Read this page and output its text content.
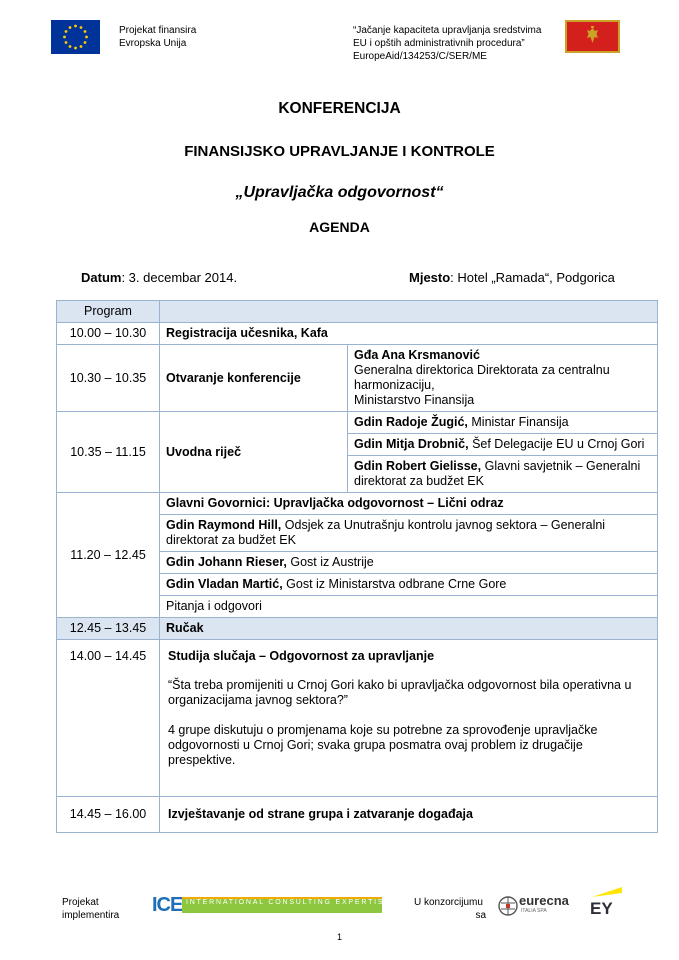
Projekat finansira
Evropska Unija
“Jačanje kapaciteta upravljanja sredstvima
EU i opštih administrativnih procedura”
EuropeAid/134253/C/SER/ME
KONFERENCIJA
FINANSIJSKO UPRAVLJANJE I KONTROLE
„Upravljačka odgovornost“
AGENDA
Datum: 3. decembar 2014.	Mjesto: Hotel „Ramada“, Podgorica
Program		
10.00 – 10.30	Registracija učesnika, Kafa	
10.30 – 10.35	Otvaranje konferencije	Gđa Ana Krsmanović
Generalna direktorica Direktorata za centralnu harmonizaciju,
Ministarstvo Finansija

10.35 – 11.15	Uvodna riječ	Gdin Radoje Žugić, Ministar Finansija
		Gdin Mitja Drobnič, Šef Delegacije EU u Crnoj Gori
		Gdin Robert Gielisse, Glavni savjetnik – Generalni direktorat za budžet EK
11.20 – 12.45	Glavni Govornici: Upravljačka odgovornost – Lični odraz	
	Gdin Raymond Hill, Odsjek za Unutrašnju kontrolu javnog sektora – Generalni direktorat za budžet EK	
	Gdin Johann Rieser, Gost iz Austrije	
	Gdin Vladan Martić, Gost iz Ministarstva odbrane Crne Gore	
	Pitanja i odgovori	
12.45 – 13.45	Ručak	
14.00 – 14.45	Studija slučaja – Odgovornost za upravljanje
“Šta treba promijeniti u Crnoj Gori kako bi upravljačka odgovornost bila operativna u organizacijama javnog sektora?”
4 grupe diskutuju o promjenama koje su potrebne za sprovođenje upravljačke odgovornosti u Crnoj Gori; svaka grupa posmatra ovaj problem iz drugačije prespektive.	

14.45 – 16.00	Izvještavanje od strane grupa i zatvaranje događaja	
Projekat
implementira ICE INTERNATIONAL CONSULTING EXPERTISE U konzorcijumu
sa
eurecna
ITALIA SPA	EY
1
